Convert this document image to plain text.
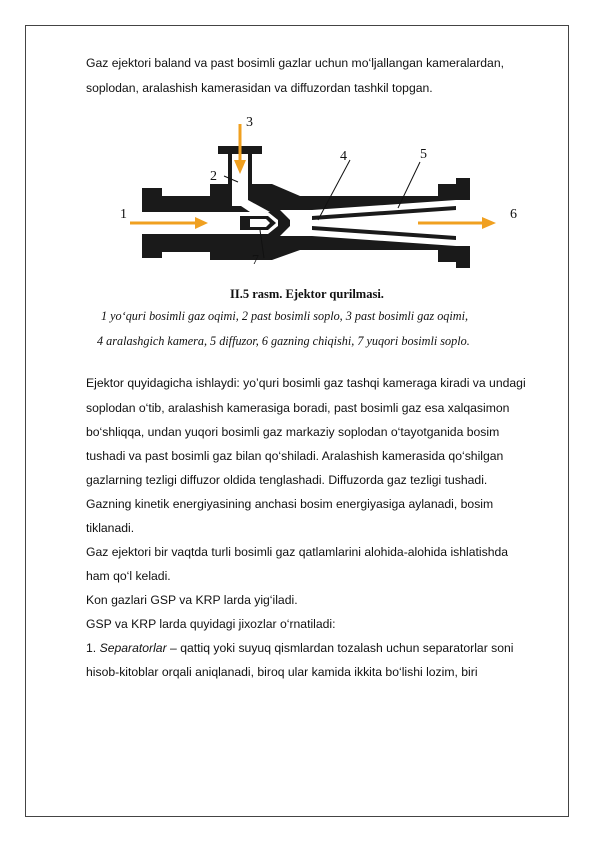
Gaz ejektori baland va past bosimli gazlar uchun mo‘ljallangan kameralardan,
soplodan, aralashish kamerasidan va diffuzordan tashkil topgan.
1
2
3
4	5
6
7
II.5 rasm. Ejektor qurilmasi.
1 yo‘quri bosimli gaz oqimi, 2 past bosimli soplo, 3 past bosimli gaz oqimi,
4 aralashgich kamera, 5 diffuzor, 6 gazning chiqishi, 7 yuqori bosimli soplo.
Ejektor quyidagicha ishlaydi: yo’quri bosimli gaz tashqi kameraga kiradi va undagi
soplodan o‘tib, aralashish kamerasiga boradi, past bosimli gaz esa xalqasimon
bo‘shliqqa, undan yuqori bosimli gaz markaziy soplodan o‘tayotganida bosim
tushadi va past bosimli gaz bilan qo‘shiladi. Aralashish kamerasida qo‘shilgan
gazlarning tezligi diffuzor oldida tenglashadi. Diffuzorda gaz tezligi tushadi.
Gazning kinetik energiyasining anchasi bosim energiyasiga aylanadi, bosim
tiklanadi.
Gaz ejektori bir vaqtda turli bosimli gaz qatlamlarini alohida-alohida ishlatishda
ham qo‘l keladi.
Kon gazlari GSP va KRP larda yig‘iladi.
GSP va KRP larda quyidagi jixozlar o‘rnatiladi:
1. Separatorlar – qattiq yoki suyuq qismlardan tozalash uchun separatorlar soni
hisob-kitoblar orqali aniqlanadi, biroq ular kamida ikkita bo‘lishi lozim, biri
